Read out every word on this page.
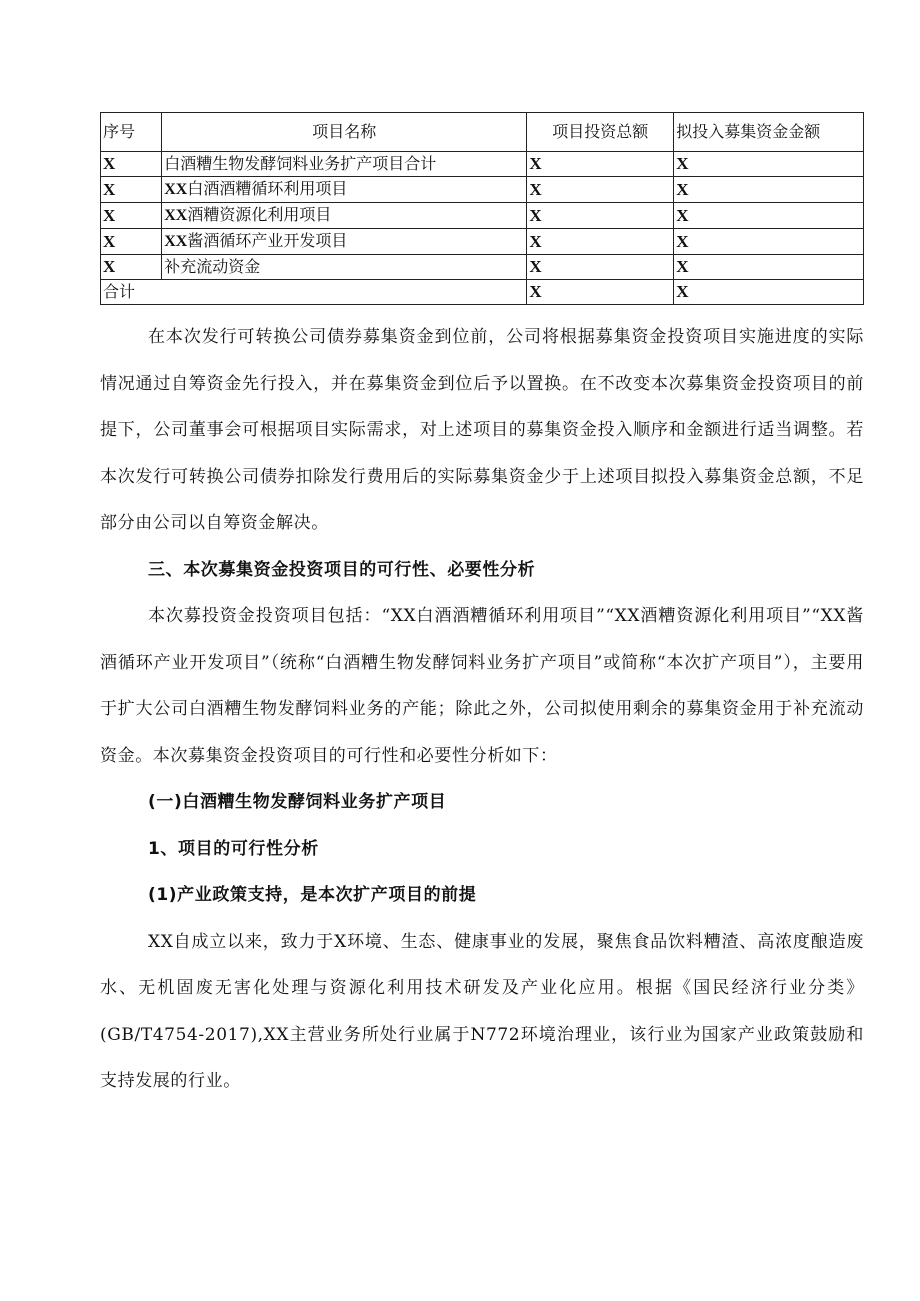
序号	项目名称	项目投资总额	拟投入募集资金金额
X	白酒糟生物发酵饲料业务扩产项目合计	X	X
X	XX白酒酒糟循环利用项目	X	X
X	XX酒糟资源化利用项目	X	X
X	XX酱酒循环产业开发项目	X	X
X	补充流动资金	X	X
合计		X	X

在本次发行可转换公司债券募集资金到位前，公司将根据募集资金投资项目实施进度的实际情况通过自筹资金先行投入，并在募集资金到位后予以置换。在不改变本次募集资金投资项目的前提下，公司董事会可根据项目实际需求，对上述项目的募集资金投入顺序和金额进行适当调整。若本次发行可转换公司债券扣除发行费用后的实际募集资金少于上述项目拟投入募集资金总额，不足部分由公司以自筹资金解决。

三、本次募集资金投资项目的可行性、必要性分析

本次募投资金投资项目包括：“XX白酒酒糟循环利用项目”“XX酒糟资源化利用项目”“XX酱酒循环产业开发项目”（统称“白酒糟生物发酵饲料业务扩产项目”或简称“本次扩产项目”），主要用于扩大公司白酒糟生物发酵饲料业务的产能；除此之外，公司拟使用剩余的募集资金用于补充流动资金。本次募集资金投资项目的可行性和必要性分析如下：

(一)白酒糟生物发酵饲料业务扩产项目

1、项目的可行性分析

(1)产业政策支持，是本次扩产项目的前提

XX自成立以来，致力于X环境、生态、健康事业的发展，聚焦食品饮料糟渣、高浓度酿造废水、无机固废无害化处理与资源化利用技术研发及产业化应用。根据《国民经济行业分类》(GB/T4754-2017),XX主营业务所处行业属于N772环境治理业，该行业为国家产业政策鼓励和支持发展的行业。
